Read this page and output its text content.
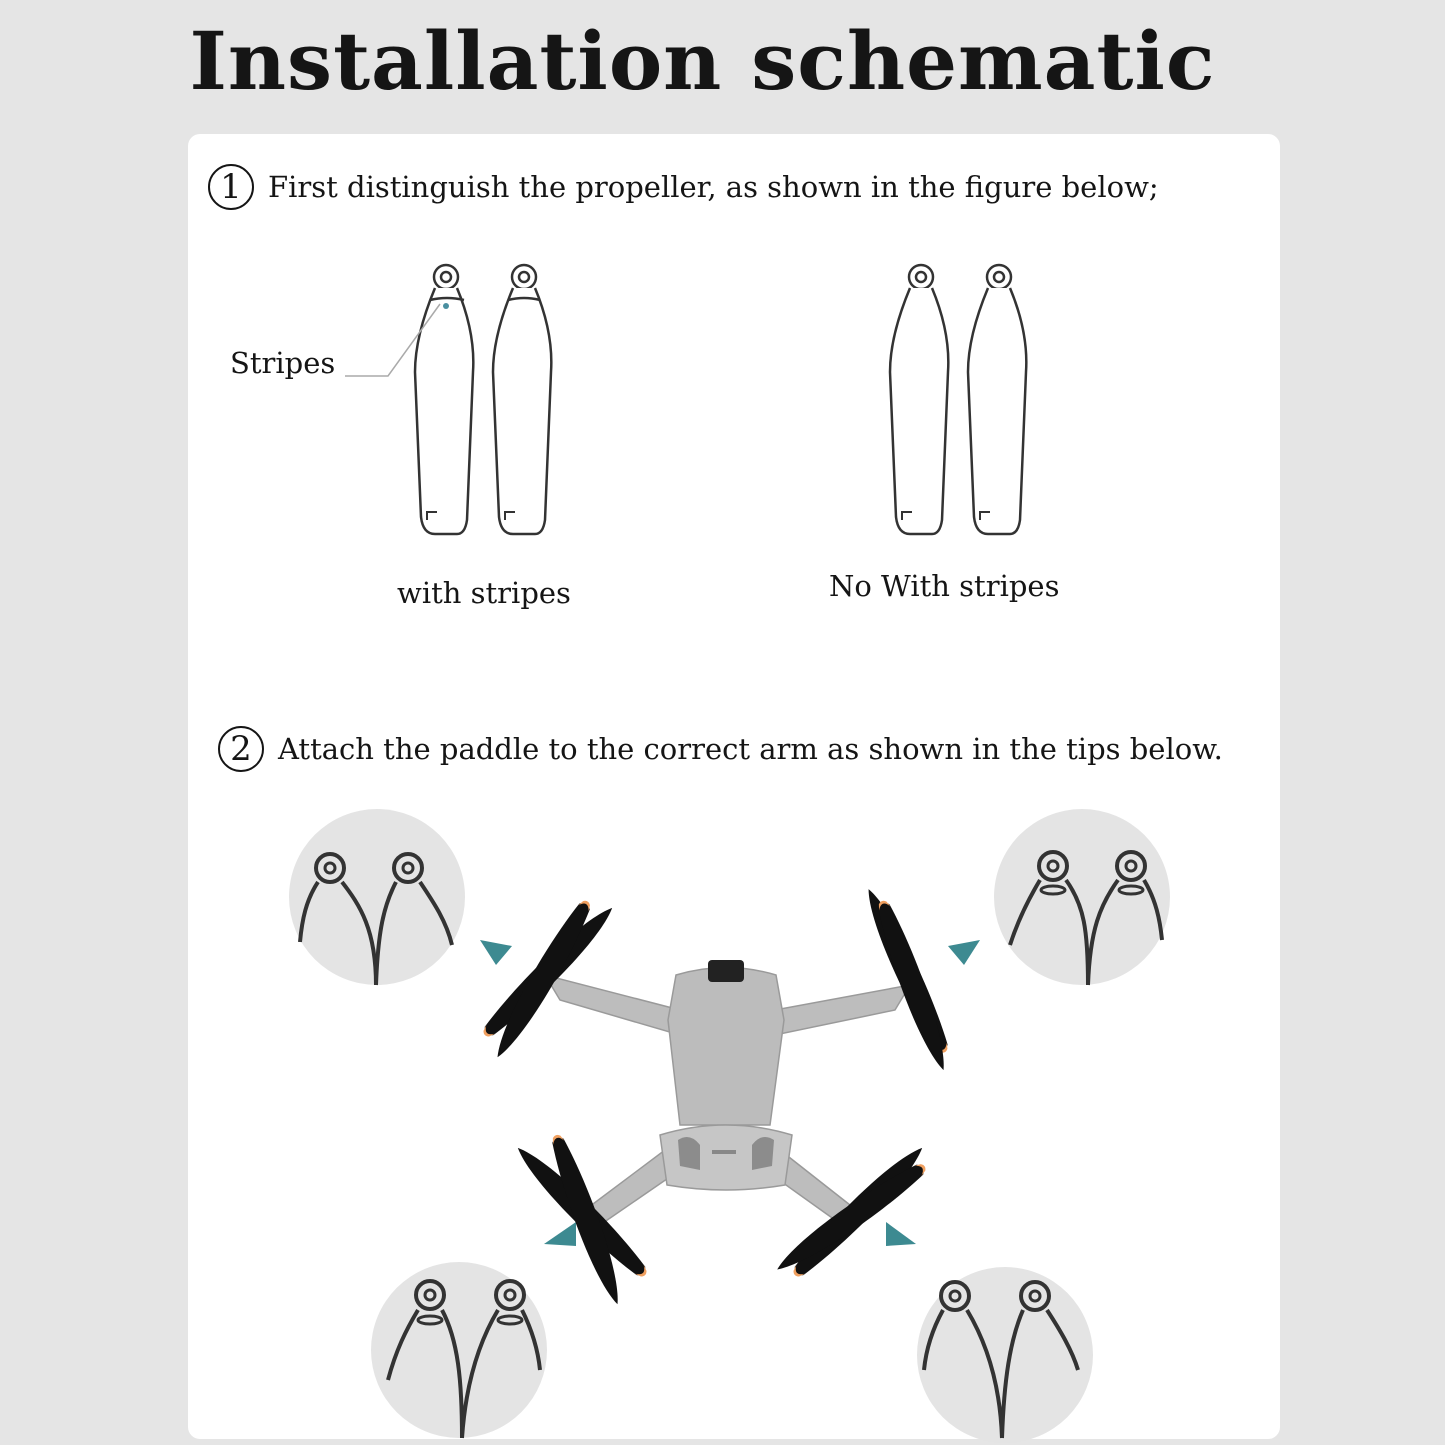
Installation schematic
1 First distinguish the propeller, as shown in the figure below;
Stripes
with stripes	No With stripes
2 Attach the paddle to the correct arm as shown in the tips below.
